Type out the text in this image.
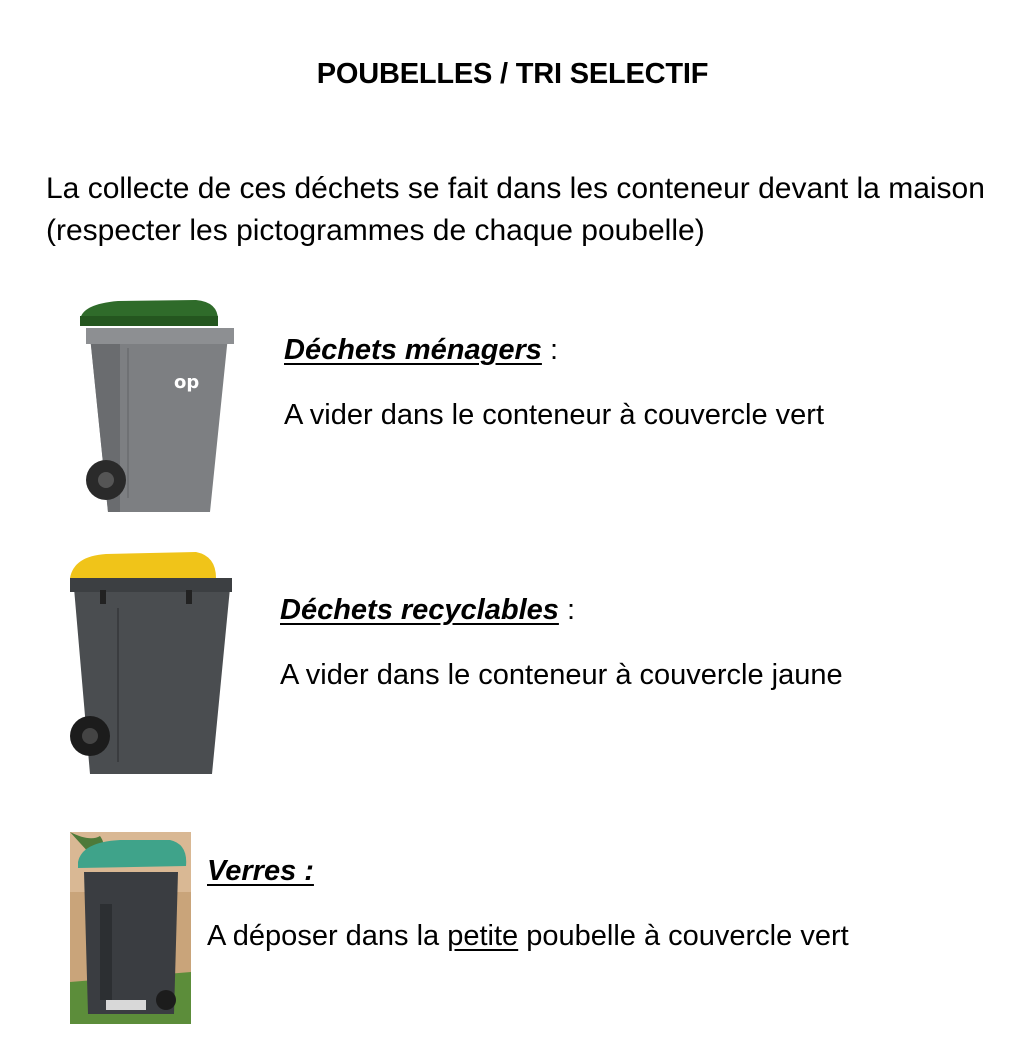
POUBELLES / TRI SELECTIF
La collecte de ces déchets se fait dans les conteneur devant la maison (respecter les pictogrammes de chaque poubelle)
op
Déchets ménagers :
A vider dans le conteneur à couvercle vert
Déchets recyclables :
A vider dans le conteneur à couvercle jaune
Verres :
A déposer dans la petite poubelle à couvercle vert
